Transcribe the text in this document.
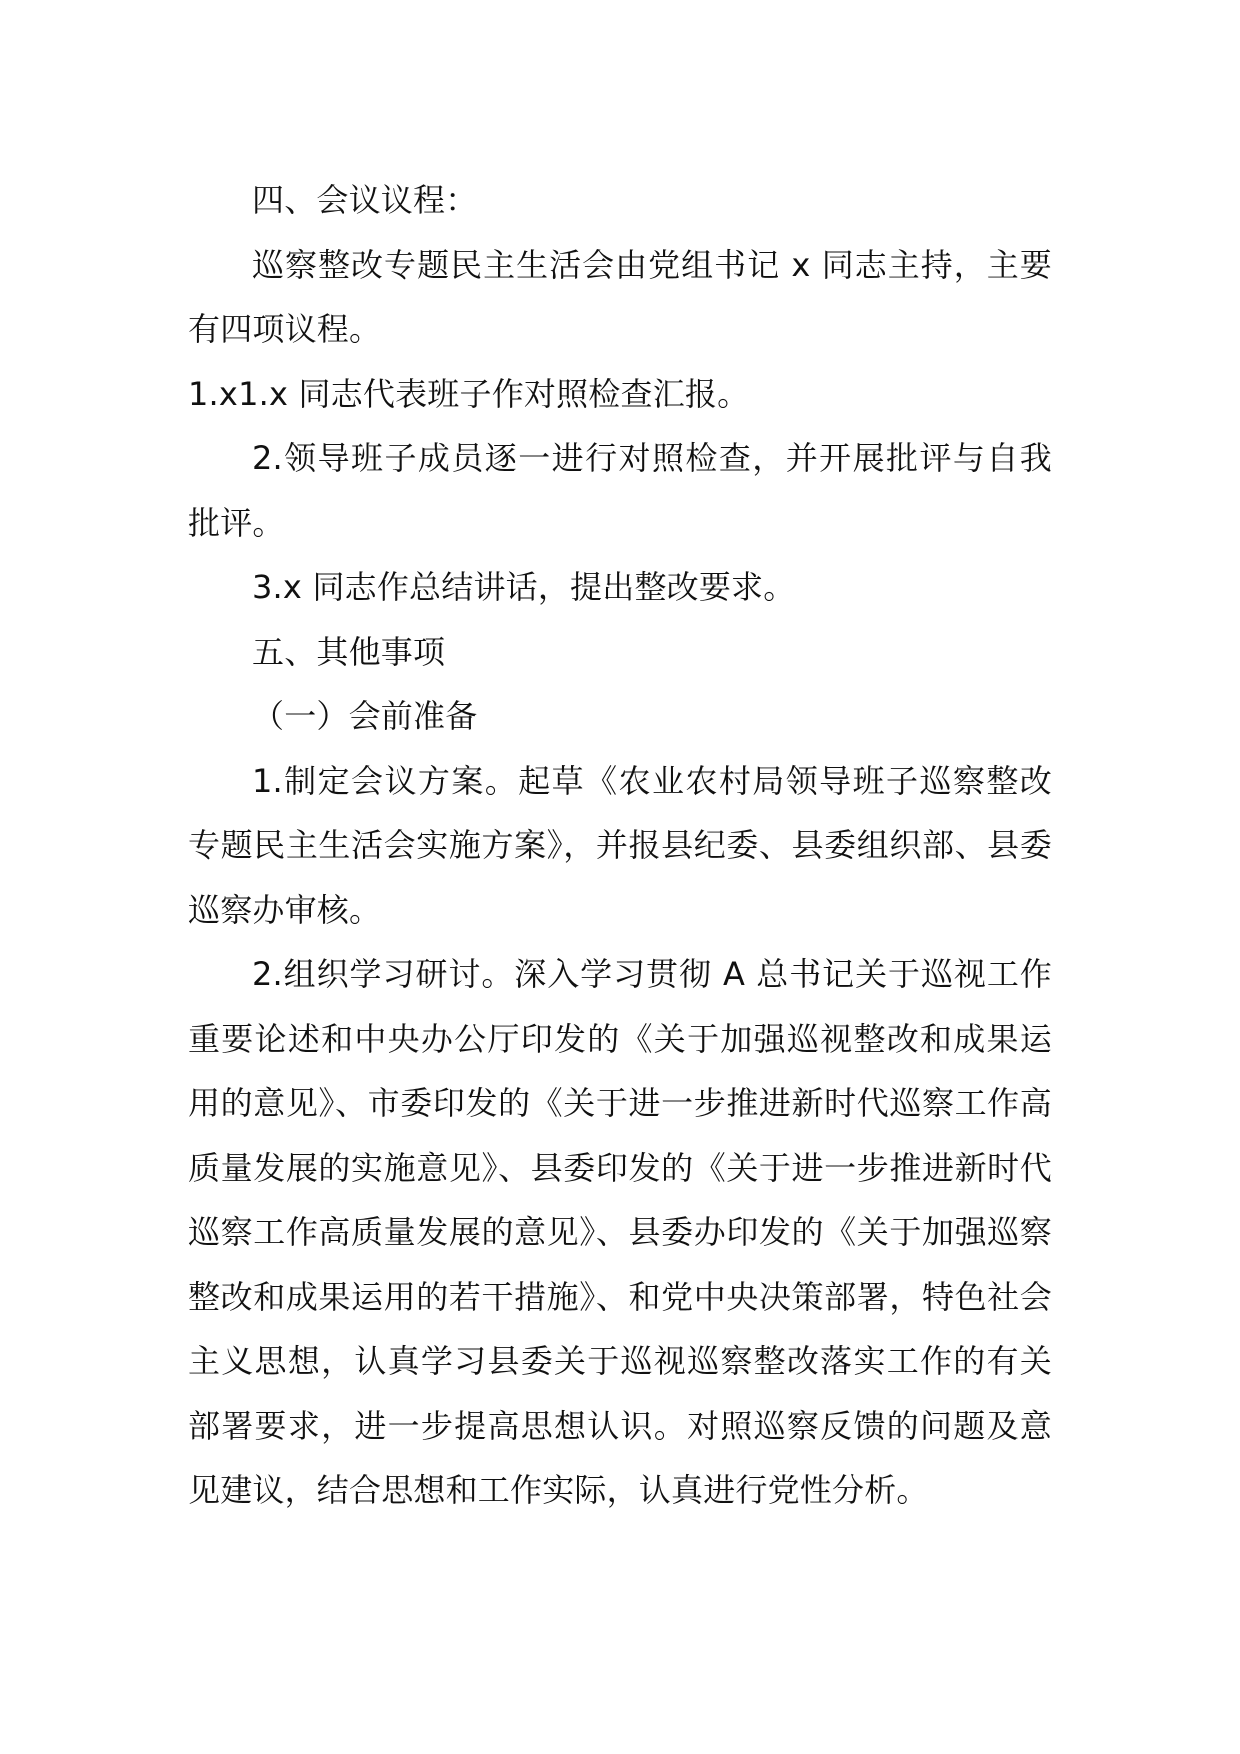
四、会议议程：

巡察整改专题民主生活会由党组书记 x 同志主持，主要有四项议程。

1.x1.x 同志代表班子作对照检查汇报。

2.领导班子成员逐一进行对照检查，并开展批评与自我批评。

3.x 同志作总结讲话，提出整改要求。

五、其他事项

（一）会前准备

1.制定会议方案。起草《农业农村局领导班子巡察整改专题民主生活会实施方案》，并报县纪委、县委组织部、县委巡察办审核。

2.组织学习研讨。深入学习贯彻 A 总书记关于巡视工作重要论述和中央办公厅印发的《关于加强巡视整改和成果运用的意见》、市委印发的《关于进一步推进新时代巡察工作高质量发展的实施意见》、县委印发的《关于进一步推进新时代巡察工作高质量发展的意见》、县委办印发的《关于加强巡察整改和成果运用的若干措施》、和党中央决策部署，特色社会主义思想，认真学习县委关于巡视巡察整改落实工作的有关部署要求，进一步提高思想认识。对照巡察反馈的问题及意见建议，结合思想和工作实际，认真进行党性分析。
